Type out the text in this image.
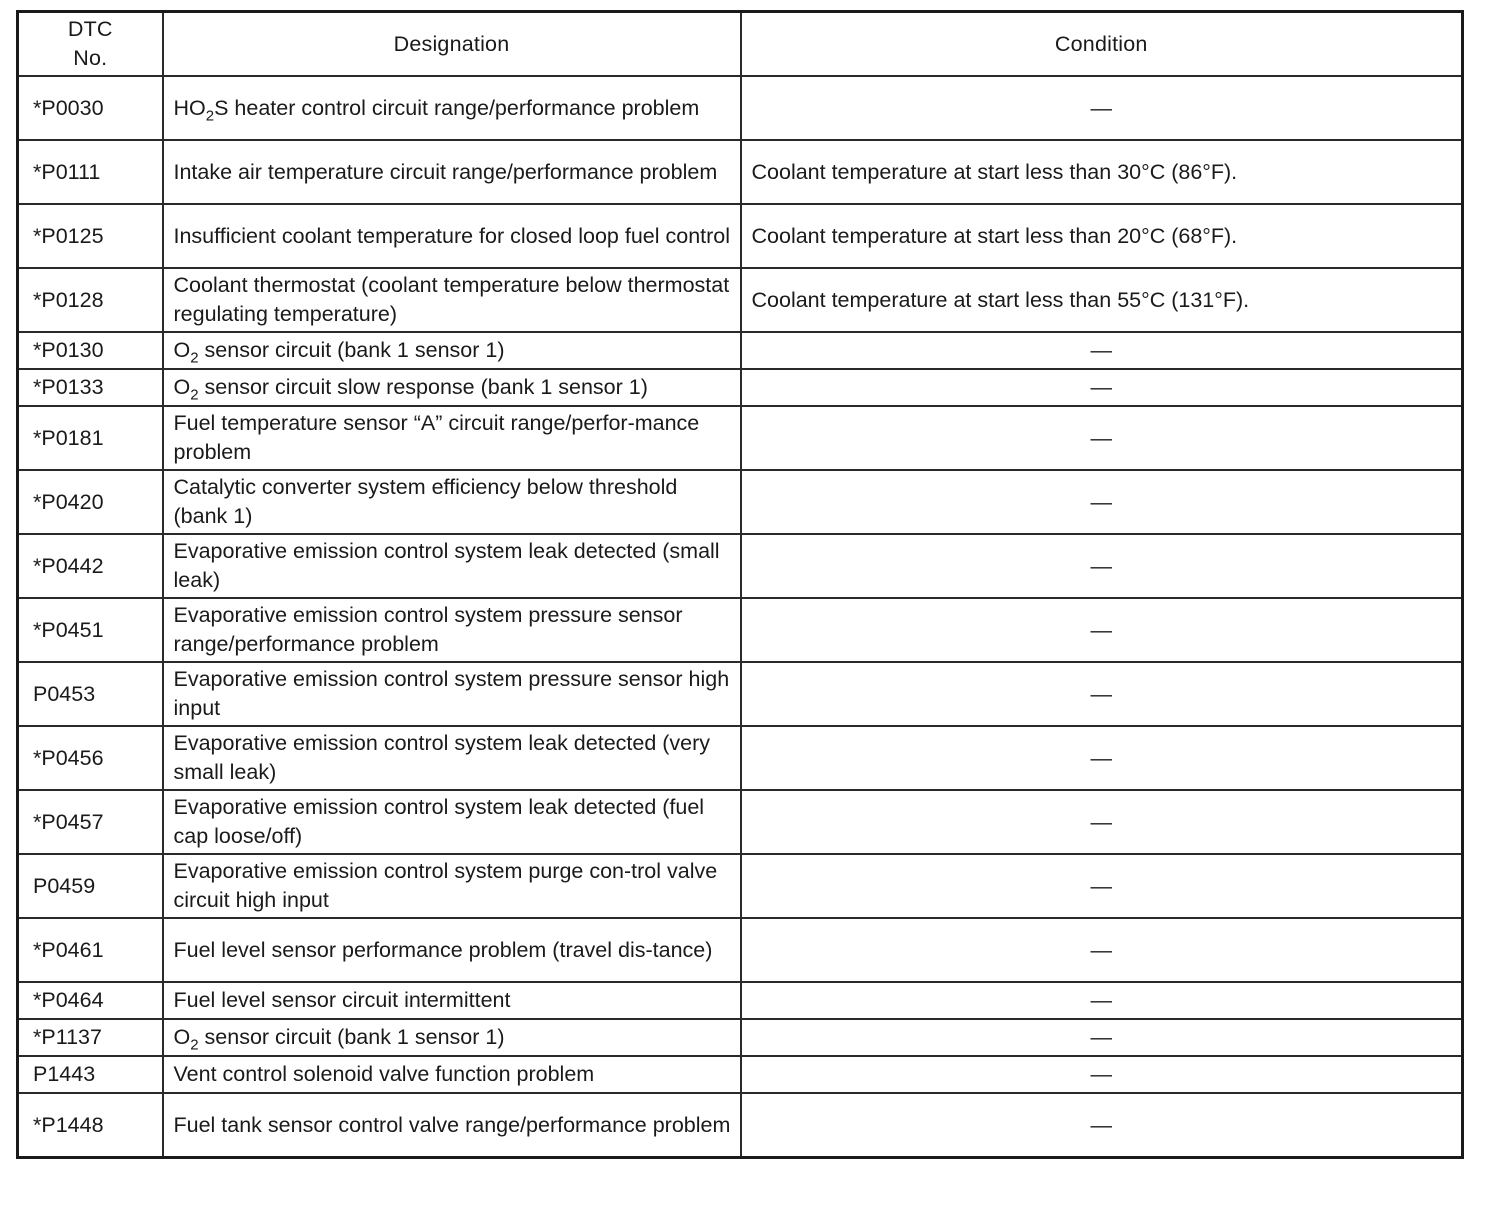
DTC
No.	Designation	Condition
*P0030	$HO_2S$ heater control circuit range/performance problem	—
*P0111	Intake air temperature circuit range/performance problem	Coolant temperature at start less than 30°C (86°F).
*P0125	Insufficient coolant temperature for closed loop fuel control	Coolant temperature at start less than 20°C (68°F).
*P0128	Coolant thermostat (coolant temperature below thermostat regulating temperature)	Coolant temperature at start less than 55°C (131°F).
*P0130	$O_2$ sensor circuit (bank 1 sensor 1)	—
*P0133	$O_2$ sensor circuit slow response (bank 1 sensor 1)	—
*P0181	Fuel temperature sensor “A” circuit range/perfor-mance problem	—
*P0420	Catalytic converter system efficiency below threshold (bank 1)	—
*P0442	Evaporative emission control system leak detected (small leak)	—
*P0451	Evaporative emission control system pressure sensor range/performance problem	—
P0453	Evaporative emission control system pressure sensor high input	—
*P0456	Evaporative emission control system leak detected (very small leak)	—
*P0457	Evaporative emission control system leak detected (fuel cap loose/off)	—
P0459	Evaporative emission control system purge con-trol valve circuit high input	—
*P0461	Fuel level sensor performance problem (travel dis-tance)	—
*P0464	Fuel level sensor circuit intermittent	—
*P1137	$O_2$ sensor circuit (bank 1 sensor 1)	—
P1443	Vent control solenoid valve function problem	—
*P1448	Fuel tank sensor control valve range/performance problem	—
